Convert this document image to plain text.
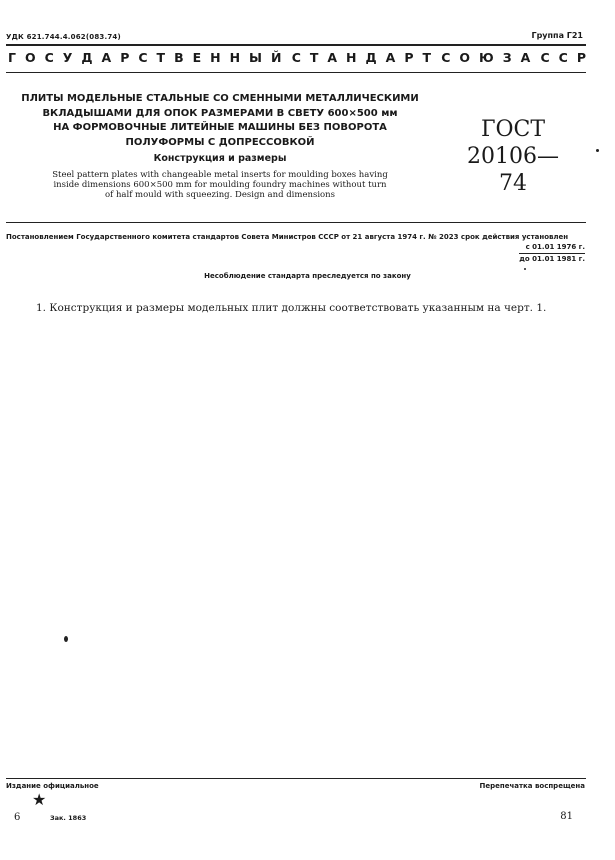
УДК 621.744.4.062(083.74)	Группа Г21
ГОСУДАРСТВЕННЫЙ СТАНДАРТ СОЮЗА ССР
ПЛИТЫ МОДЕЛЬНЫЕ СТАЛЬНЫЕ СО СМЕННЫМИ МЕТАЛЛИЧЕСКИМИ
ВКЛАДЫШАМИ ДЛЯ ОПОК РАЗМЕРАМИ В СВЕТУ 600×500 мм
НА ФОРМОВОЧНЫЕ ЛИТЕЙНЫЕ МАШИНЫ БЕЗ ПОВОРОТА
ПОЛУФОРМЫ С ДОПРЕССОВКОЙ
Конструкция и размеры
Steel pattern plates with changeable metal inserts for moulding boxes having
inside dimensions 600×500 mm for moulding foundry machines without turn
of half mould with squeezing. Design and dimensions
ГОСТ
20106—74
Постановлением Государственного комитета стандартов Совета Министров СССР от 21 августа 1974 г. № 2023 срок действия установлен
с 01.01 1976 г.
до 01.01 1981 г.
Несоблюдение стандарта преследуется по закону
1. Конструкция и размеры модельных плит должны соответствовать указанным на черт. 1.
Издание официальное	Перепечатка воспрещена
★
6	Зак. 1863	81
